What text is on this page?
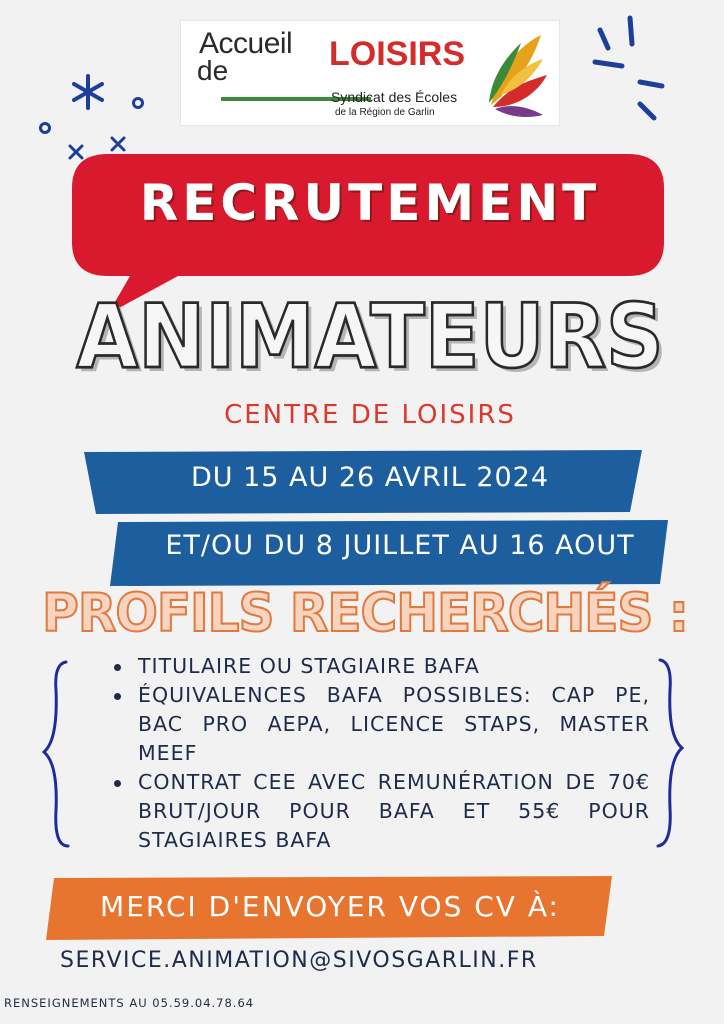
Accueil
de	LOISIRS
Syndicat des Écoles
de la Région de Garlin
RECRUTEMENT
ANIMATEURS
CENTRE DE LOISIRS
DU 15 AU 26 AVRIL 2024
ET/OU DU 8 JUILLET AU 16 AOUT
PROFILS RECHERCHÉS :
TITULAIRE OU STAGIAIRE BAFA
ÉQUIVALENCES BAFA POSSIBLES: CAP PE, BAC PRO AEPA, LICENCE STAPS, MASTER MEEF
CONTRAT CEE AVEC REMUNÉRATION DE 70€ BRUT/JOUR POUR BAFA ET 55€ POUR STAGIAIRES BAFA
MERCI D'ENVOYER VOS CV À:
SERVICE.ANIMATION@SIVOSGARLIN.FR
RENSEIGNEMENTS AU 05.59.04.78.64
